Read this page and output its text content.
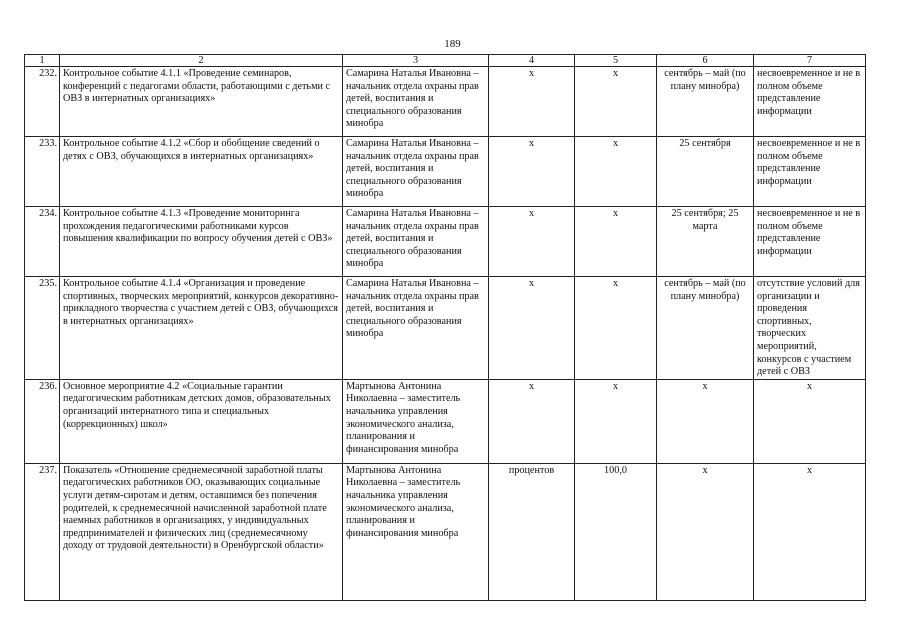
189
1	2	3	4	5	6	7
232.	Контрольное событие 4.1.1 «Проведение семинаров, конференций с педагогами области, работающими с детьми с ОВЗ в интернатных организациях»	Самарина Наталья Ивановна – начальник отдела охраны прав детей, воспитания и специального образования минобра	x	x	сентябрь – май (по плану минобра)	несвоевременное и не в полном объеме представление информации
233.	Контрольное событие 4.1.2 «Сбор и обобщение сведений о детях с ОВЗ, обучающихся в интернатных организациях»	Самарина Наталья Ивановна – начальник отдела охраны прав детей, воспитания и специального образования минобра	x	x	25 сентября	несвоевременное и не в полном объеме представление информации
234.	Контрольное событие 4.1.3 «Проведение мониторинга прохождения педагогическими работниками курсов повышения квалификации по вопросу обучения детей с ОВЗ»	Самарина Наталья Ивановна – начальник отдела охраны прав детей, воспитания и специального образования минобра	x	x	25 сентября; 25 марта	несвоевременное и не в полном объеме представление информации
235.	Контрольное событие 4.1.4 «Организация и проведение спортивных, творческих мероприятий, конкурсов декоративно-прикладного творчества с участием детей с ОВЗ, обучающихся в интернатных организациях»	Самарина Наталья Ивановна – начальник отдела охраны прав детей, воспитания и специального образования минобра	x	x	сентябрь – май (по плану минобра)	отсутствие условий для организации и проведения спортивных, творческих мероприятий, конкурсов с участием детей с ОВЗ
236.	Основное мероприятие 4.2 «Социальные гарантии педагогическим работникам детских домов, образовательных организаций интернатного типа и специальных (коррекционных) школ»	Мартынова Антонина Николаевна – заместитель начальника управления экономического анализа, планирования и финансирования минобра	x	x	x	x
237.	Показатель «Отношение среднемесячной заработной платы педагогических работников ОО, оказывающих социальные услуги детям-сиротам и детям, оставшимся без попечения родителей, к среднемесячной начисленной заработной плате наемных работников в организациях, у индивидуальных предпринимателей и физических лиц (среднемесячному доходу от трудовой деятельности) в Оренбургской области»	Мартынова Антонина Николаевна – заместитель начальника управления экономического анализа, планирования и финансирования минобра	процентов	100,0	x	x
